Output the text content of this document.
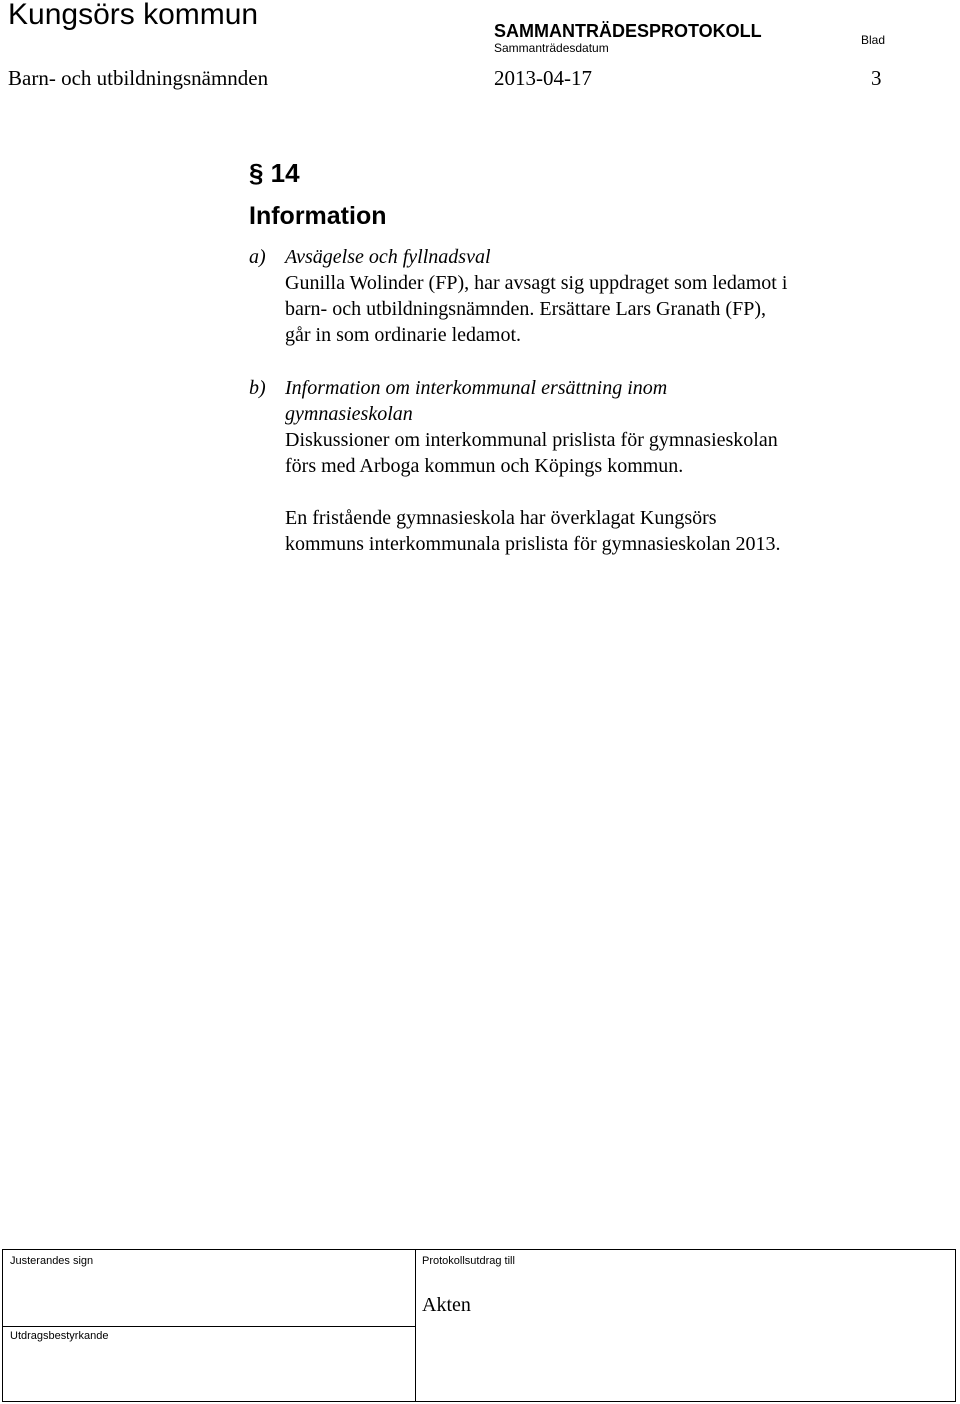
Kungsörs kommun	SAMMANTRÄDESPROTOKOLL
Sammanträdesdatum
Blad
Barn- och utbildningsnämnden	2013-04-17	3
§ 14
Information
a) Avsägelse och fyllnadsval
Gunilla Wolinder (FP), har avsagt sig uppdraget som ledamot i
barn- och utbildningsnämnden. Ersättare Lars Granath (FP),
går in som ordinarie ledamot.
b) Information om interkommunal ersättning inom
gymnasieskolan
Diskussioner om interkommunal prislista för gymnasieskolan
förs med Arboga kommun och Köpings kommun.
En fristående gymnasieskola har överklagat Kungsörs
kommuns interkommunala prislista för gymnasieskolan 2013.
Justerandes sign	Protokollsutdrag till
Utdragsbestyrkande
Akten
